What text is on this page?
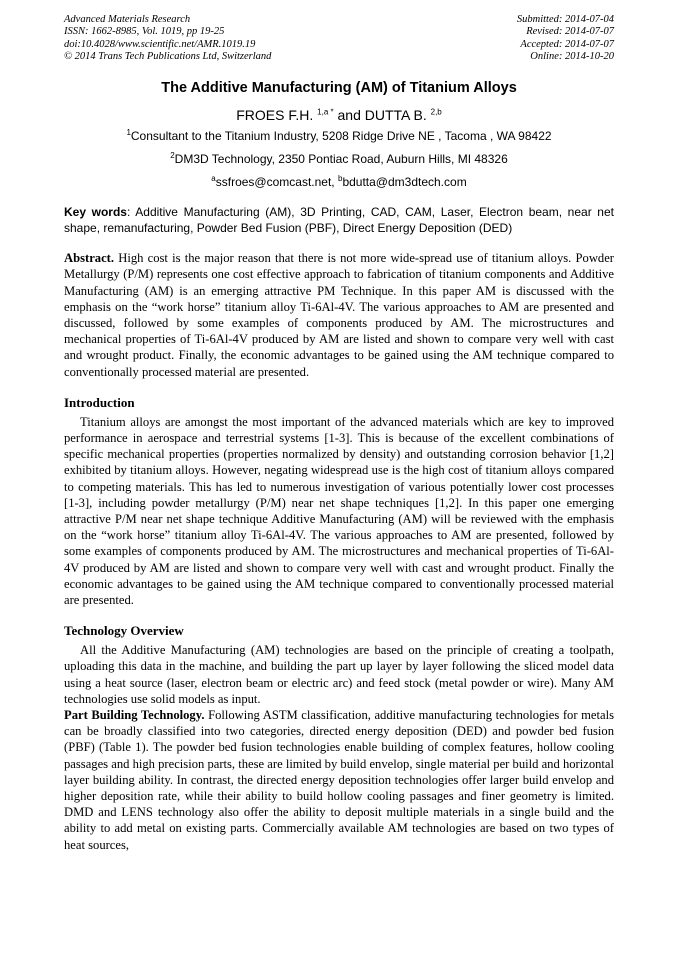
Advanced Materials Research
ISSN: 1662-8985, Vol. 1019, pp 19-25
doi:10.4028/www.scientific.net/AMR.1019.19
© 2014 Trans Tech Publications Ltd, Switzerland
Submitted: 2014-07-04
Revised: 2014-07-07
Accepted: 2014-07-07
Online: 2014-10-20
The Additive Manufacturing (AM) of Titanium Alloys
FROES F.H. $^{1,a *}$ and DUTTA B. $^{2,b}$
$^1$Consultant to the Titanium Industry, 5208 Ridge Drive NE , Tacoma , WA 98422
$^2$DM3D Technology, 2350 Pontiac Road, Auburn Hills, MI 48326
$^a$ssfroes@comcast.net, $^b$bdutta@dm3dtech.com
Key words: Additive Manufacturing (AM), 3D Printing, CAD, CAM, Laser, Electron beam, near net shape, remanufacturing, Powder Bed Fusion (PBF), Direct Energy Deposition (DED)
Abstract. High cost is the major reason that there is not more wide-spread use of titanium alloys. Powder Metallurgy (P/M) represents one cost effective approach to fabrication of titanium components and Additive Manufacturing (AM) is an emerging attractive PM Technique. In this paper AM is discussed with the emphasis on the “work horse” titanium alloy Ti-6Al-4V. The various approaches to AM are presented and discussed, followed by some examples of components produced by AM. The microstructures and mechanical properties of Ti-6Al-4V produced by AM are listed and shown to compare very well with cast and wrought product. Finally, the economic advantages to be gained using the AM technique compared to conventionally processed material are presented.
Introduction

Titanium alloys are amongst the most important of the advanced materials which are key to improved performance in aerospace and terrestrial systems [1-3]. This is because of the excellent combinations of specific mechanical properties (properties normalized by density) and outstanding corrosion behavior [1,2] exhibited by titanium alloys. However, negating widespread use is the high cost of titanium alloys compared to competing materials. This has led to numerous investigation of various potentially lower cost processes [1-3], including powder metallurgy (P/M) near net shape techniques [1,2]. In this paper one emerging attractive P/M near net shape technique Additive Manufacturing (AM) will be reviewed with the emphasis on the “work horse” titanium alloy Ti-6Al-4V. The various approaches to AM are presented, followed by some examples of components produced by AM. The microstructures and mechanical properties of Ti-6Al-4V produced by AM are listed and shown to compare very well with cast and wrought product. Finally the economic advantages to be gained using the AM technique compared to conventionally processed material are presented.

Technology Overview

All the Additive Manufacturing (AM) technologies are based on the principle of creating a toolpath, uploading this data in the machine, and building the part up layer by layer following the sliced model data using a heat source (laser, electron beam or electric arc) and feed stock (metal powder or wire). Many AM technologies use solid models as input.

Part Building Technology. Following ASTM classification, additive manufacturing technologies for metals can be broadly classified into two categories, directed energy deposition (DED) and powder bed fusion (PBF) (Table 1). The powder bed fusion technologies enable building of complex features, hollow cooling passages and high precision parts, these are limited by build envelop, single material per build and horizontal layer building ability. In contrast, the directed energy deposition technologies offer larger build envelop and higher deposition rate, while their ability to build hollow cooling passages and finer geometry is limited. DMD and LENS technology also offer the ability to deposit multiple materials in a single build and the ability to add metal on existing parts. Commercially available AM technologies are based on two types of heat sources,
